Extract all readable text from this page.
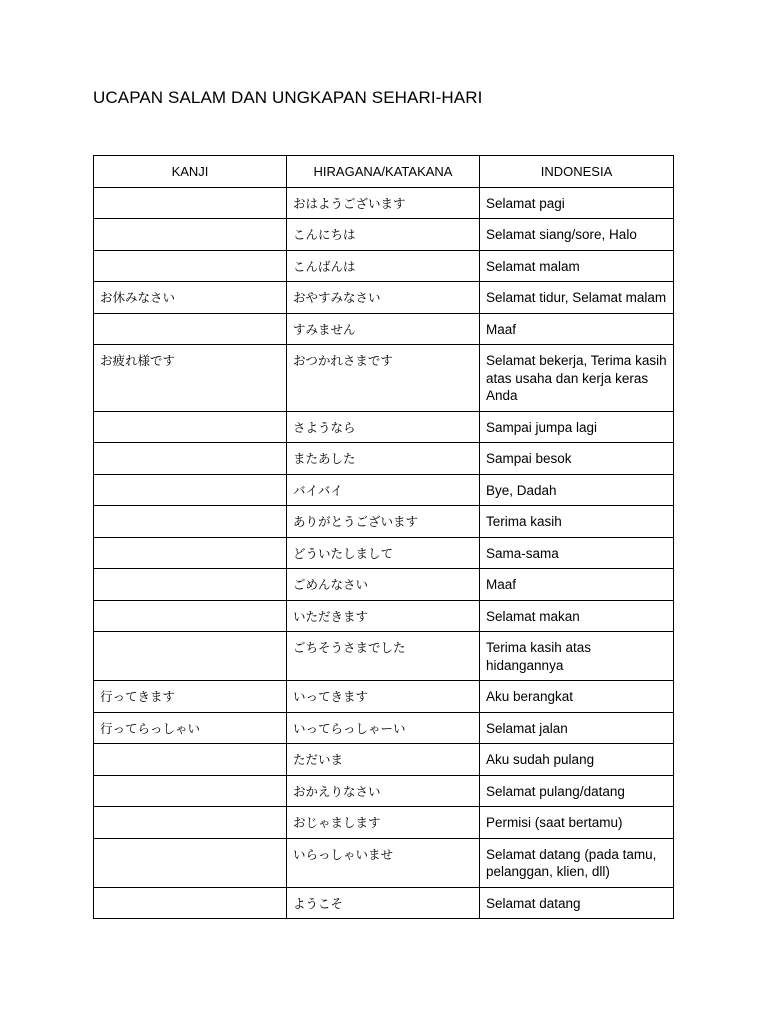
UCAPAN SALAM DAN UNGKAPAN SEHARI-HARI
KANJI	HIRAGANA/KATAKANA	INDONESIA
	おはようございます	Selamat pagi
	こんにちは	Selamat siang/sore, Halo
	こんばんは	Selamat malam
お休みなさい	おやすみなさい	Selamat tidur, Selamat malam
	すみません	Maaf
お疲れ様です	おつかれさまです	Selamat bekerja, Terima kasih atas usaha dan kerja keras Anda
	さようなら	Sampai jumpa lagi
	またあした	Sampai besok
	バイバイ	Bye, Dadah
	ありがとうございます	Terima kasih
	どういたしまして	Sama-sama
	ごめんなさい	Maaf
	いただきます	Selamat makan
	ごちそうさまでした	Terima kasih atas hidangannya
行ってきます	いってきます	Aku berangkat
行ってらっしゃい	いってらっしゃーい	Selamat jalan
	ただいま	Aku sudah pulang
	おかえりなさい	Selamat pulang/datang
	おじゃまします	Permisi (saat bertamu)
	いらっしゃいませ	Selamat datang (pada tamu, pelanggan, klien, dll)
	ようこそ	Selamat datang
